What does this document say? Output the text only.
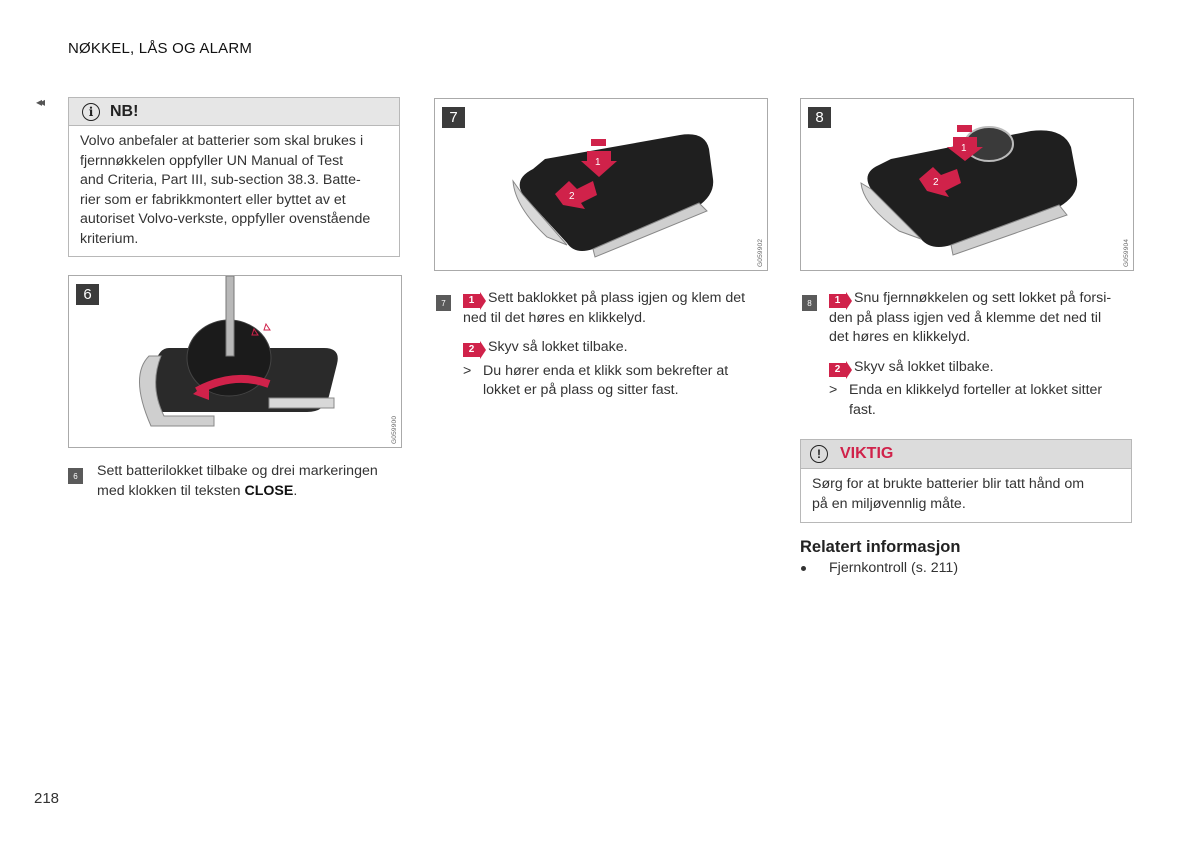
NØKKEL, LÅS OG ALARM
◂◂
i	NB!
Volvo anbefaler at batterier som skal brukes i
fjernnøkkelen oppfyller UN Manual of Test
and Criteria, Part III, sub-section 38.3. Batte-
rier som er fabrikkmontert eller byttet av et
autoriset Volvo-verkste, oppfyller ovenstående
kriterium.
6
G059900
6	Sett batterilokket tilbake og drei markeringen
med klokken til teksten CLOSE.
7
1
2
G059902
7	1 Sett baklokket på plass igjen og klem det
ned til det høres en klikkelyd.
2 Skyv så lokket tilbake.
> Du hører enda et klikk som bekrefter at
lokket er på plass og sitter fast.
8
1
2
G059904
8	1 Snu fjernnøkkelen og sett lokket på forsi-
den på plass igjen ved å klemme det ned til
det høres en klikkelyd.
2 Skyv så lokket tilbake.
> Enda en klikkelyd forteller at lokket sitter
fast.
!	VIKTIG
Sørg for at brukte batterier blir tatt hånd om
på en miljøvennlig måte.
Relatert informasjon
Fjernkontroll (s. 211)
218
